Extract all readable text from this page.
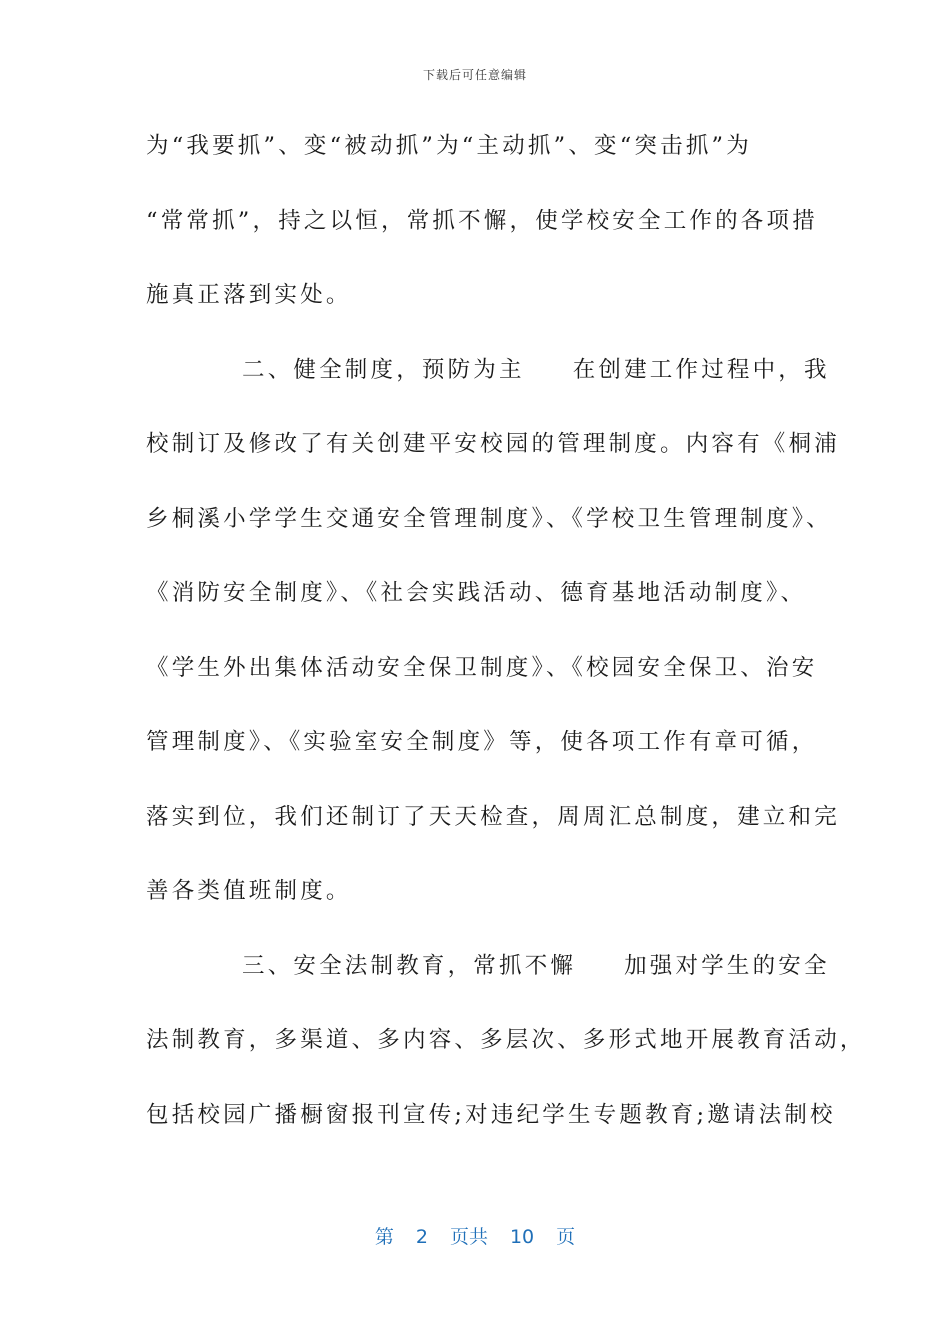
下载后可任意编辑
为“我要抓”、变“被动抓”为“主动抓”、变“突击抓”为
“常常抓”，持之以恒，常抓不懈，使学校安全工作的各项措
施真正落到实处。
二、健全制度，预防为主 在创建工作过程中，我
校制订及修改了有关创建平安校园的管理制度。内容有《桐浦
乡桐溪小学学生交通安全管理制度》、《学校卫生管理制度》、
《消防安全制度》、《社会实践活动、德育基地活动制度》、
《学生外出集体活动安全保卫制度》、《校园安全保卫、治安
管理制度》、《实验室安全制度》等，使各项工作有章可循，
落实到位，我们还制订了天天检查，周周汇总制度，建立和完
善各类值班制度。
三、安全法制教育，常抓不懈 加强对学生的安全
法制教育，多渠道、多内容、多层次、多形式地开展教育活动，
包括校园广播橱窗报刊宣传;对违纪学生专题教育;邀请法制校
第 2 页共 10 页
